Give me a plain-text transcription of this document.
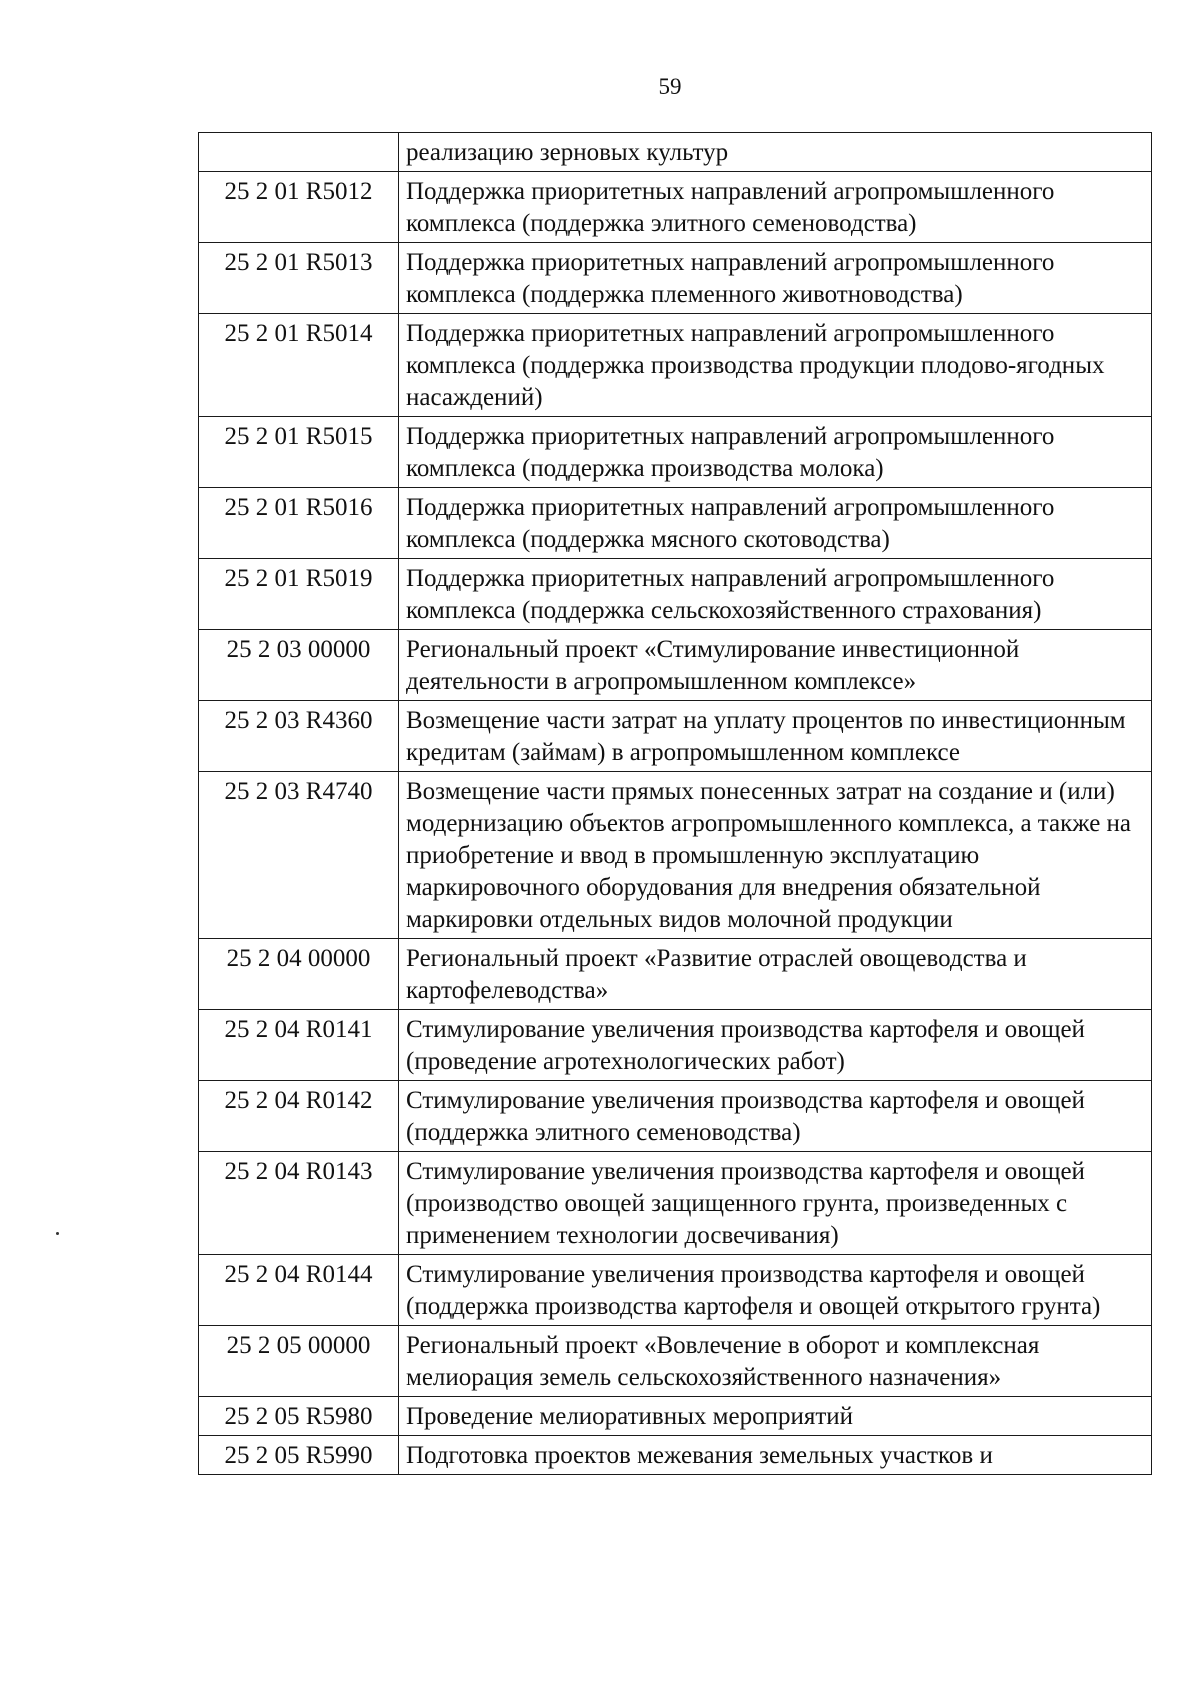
59
	реализацию зерновых культур
25 2 01 R5012	Поддержка приоритетных направлений агропромышленного комплекса (поддержка элитного семеноводства)
25 2 01 R5013	Поддержка приоритетных направлений агропромышленного комплекса (поддержка племенного животноводства)
25 2 01 R5014	Поддержка приоритетных направлений агропромышленного комплекса (поддержка производства продукции плодово-ягодных насаждений)
25 2 01 R5015	Поддержка приоритетных направлений агропромышленного комплекса (поддержка производства молока)
25 2 01 R5016	Поддержка приоритетных направлений агропромышленного комплекса (поддержка мясного скотоводства)
25 2 01 R5019	Поддержка приоритетных направлений агропромышленного комплекса (поддержка сельскохозяйственного страхования)
25 2 03 00000	Региональный проект «Стимулирование инвестиционной деятельности в агропромышленном комплексе»
25 2 03 R4360	Возмещение части затрат на уплату процентов по инвестиционным кредитам (займам) в агропромышленном комплексе
25 2 03 R4740	Возмещение части прямых понесенных затрат на создание и (или) модернизацию объектов агропромышленного комплекса, а также на приобретение и ввод в промышленную эксплуатацию маркировочного оборудования для внедрения обязательной маркировки отдельных видов молочной продукции
25 2 04 00000	Региональный проект «Развитие отраслей овощеводства и картофелеводства»
25 2 04 R0141	Стимулирование увеличения производства картофеля и овощей (проведение агротехнологических работ)
25 2 04 R0142	Стимулирование увеличения производства картофеля и овощей (поддержка элитного семеноводства)
25 2 04 R0143	Стимулирование увеличения производства картофеля и овощей (производство овощей защищенного грунта, произведенных с применением технологии досвечивания)
25 2 04 R0144	Стимулирование увеличения производства картофеля и овощей (поддержка производства картофеля и овощей открытого грунта)
25 2 05 00000	Региональный проект «Вовлечение в оборот и комплексная мелиорация земель сельскохозяйственного назначения»
25 2 05 R5980	Проведение мелиоративных мероприятий
25 2 05 R5990	Подготовка проектов межевания земельных участков и
